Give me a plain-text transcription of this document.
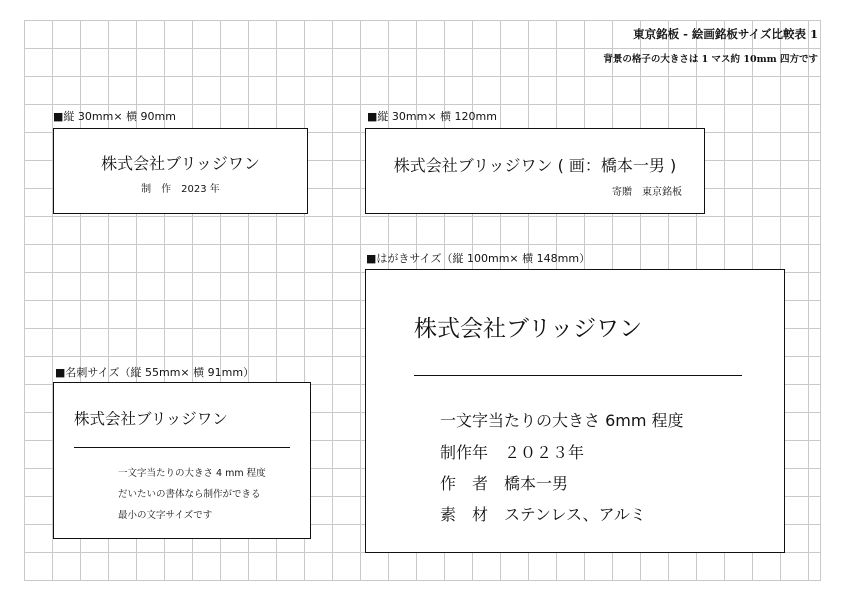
東京銘板 - 絵画銘板サイズ比較表 1
背景の格子の大きさは 1 マス約 10mm 四方です
■縦 30mm× 横 90mm
株式会社ブリッジワン
制　作　2023 年
■縦 30mm× 横 120mm
株式会社ブリッジワン ( 画：橋本一男 )
寄贈　東京銘板
■名刺サイズ（縦 55mm× 横 91mm）
株式会社ブリッジワン
一文字当たりの大きさ 4 mm 程度
だいたいの書体なら制作ができる
最小の文字サイズです
■はがきサイズ（縦 100mm× 横 148mm）
株式会社ブリッジワン
一文字当たりの大きさ 6mm 程度
制作年　２０２３年
作　者　橋本一男
素　材　ステンレス、アルミ
